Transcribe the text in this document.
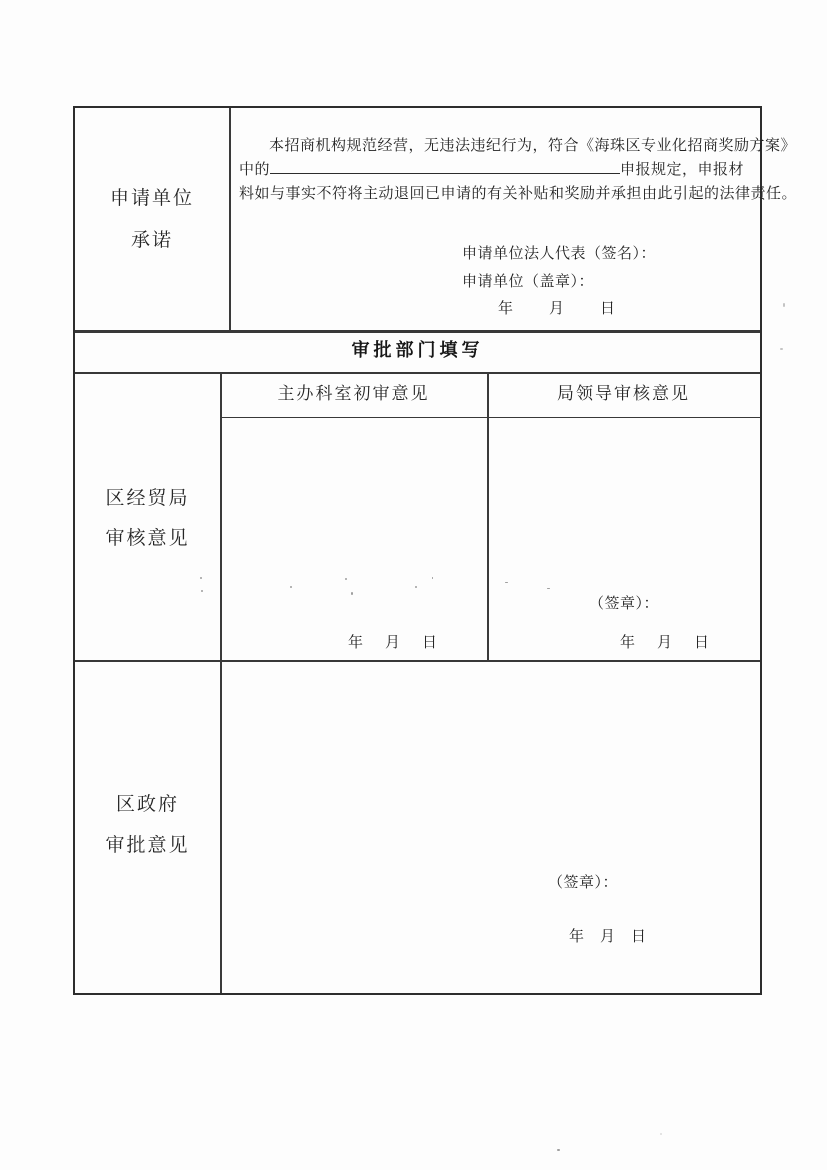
申请单位
承诺
本招商机构规范经营，无违法违纪行为，符合《海珠区专业化招商奖励方案》
中的	申报规定，申报材
料如与事实不符将主动退回已申请的有关补贴和奖励并承担由此引起的法律责任。
申请单位法人代表（签名）：
申请单位（盖章）：
年 月 日
审批部门填写
区经贸局
审核意见
主办科室初审意见	局领导审核意见
年 月 日
（签章）：
年 月 日
区政府
审批意见
（签章）：
年 月 日
